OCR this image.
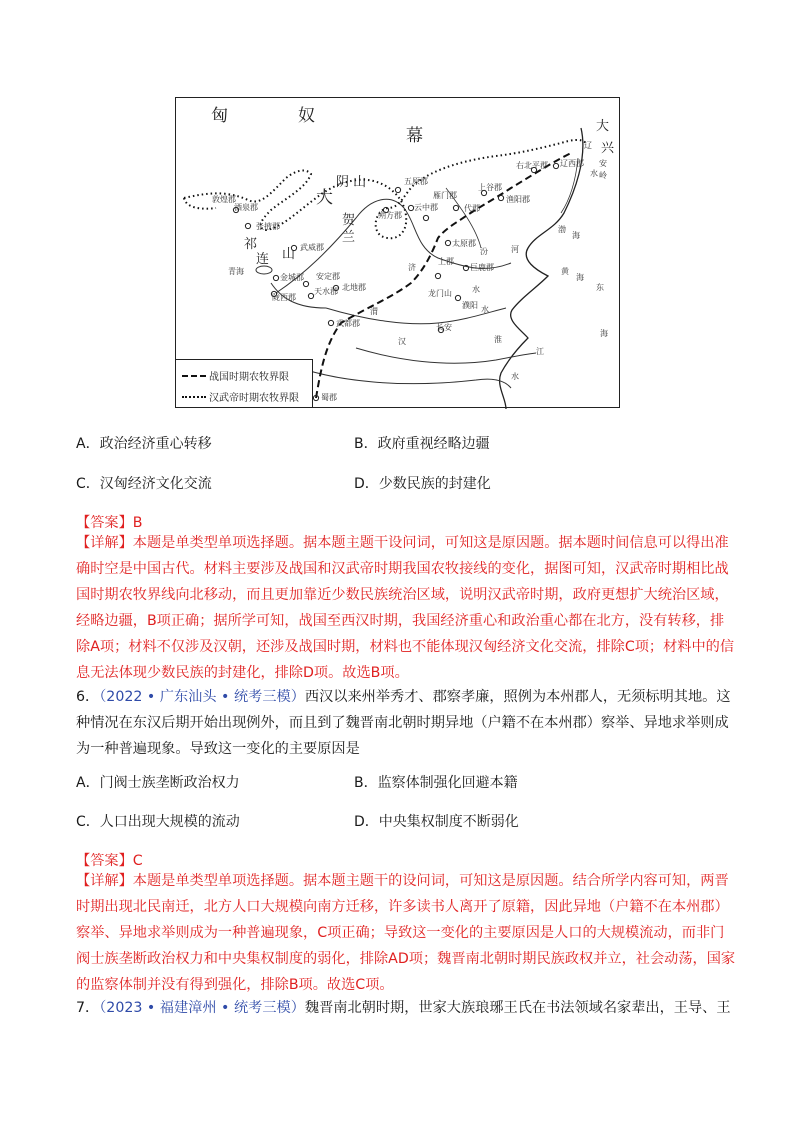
匈	奴
幕
大
大
兴
安
岭
阴 山
贺
兰
祁
连 山
渤
海
黄
海
东
海
河
江
水
龙门山
长安
敦煌郡
酒泉郡
张掖郡
武威郡
青海
金城郡
陇西郡
天水郡
安定郡
北地郡
武都郡
蜀郡
朔方郡
五原郡
云中郡
雁门郡
代郡
上谷郡
渔阳郡
右北平郡 辽西郡
太原郡
上郡
巨鹿郡
濮阳
济
水
汾
淮
水
渭
汉
辽
水
战国时期农牧界限
汉武帝时期农牧界限
A．政治经济重心转移	B．政府重视经略边疆
C．汉匈经济文化交流	D．少数民族的封建化
【答案】B
【详解】本题是单类型单项选择题。据本题主题干设问词，可知这是原因题。据本题时间信息可以得出准确时空是中国古代。材料主要涉及战国和汉武帝时期我国农牧接线的变化，据图可知，汉武帝时期相比战国时期农牧界线向北移动，而且更加靠近少数民族统治区域，说明汉武帝时期，政府更想扩大统治区域，经略边疆，B项正确；据所学可知，战国至西汉时期，我国经济重心和政治重心都在北方，没有转移，排除A项；材料不仅涉及汉朝，还涉及战国时期，材料也不能体现汉匈经济文化交流，排除C项；材料中的信息无法体现少数民族的封建化，排除D项。故选B项。
6．（2022 • 广东汕头 • 统考三模）西汉以来州举秀才、郡察孝廉，照例为本州郡人，无须标明其地。这种情况在东汉后期开始出现例外，而且到了魏晋南北朝时期异地（户籍不在本州郡）察举、异地求举则成为一种普遍现象。导致这一变化的主要原因是
A．门阀士族垄断政治权力	B．监察体制强化回避本籍
C．人口出现大规模的流动	D．中央集权制度不断弱化
【答案】C
【详解】本题是单类型单项选择题。据本题主题干的设问词，可知这是原因题。结合所学内容可知，两晋时期出现北民南迁，北方人口大规模向南方迁移，许多读书人离开了原籍，因此异地（户籍不在本州郡）察举、异地求举则成为一种普遍现象，C项正确；导致这一变化的主要原因是人口的大规模流动，而非门阀士族垄断政治权力和中央集权制度的弱化，排除AD项；魏晋南北朝时期民族政权并立，社会动荡，国家的监察体制并没有得到强化，排除B项。故选C项。
7．（2023 • 福建漳州 • 统考三模）魏晋南北朝时期，世家大族琅琊王氏在书法领域名家辈出，王导、王
